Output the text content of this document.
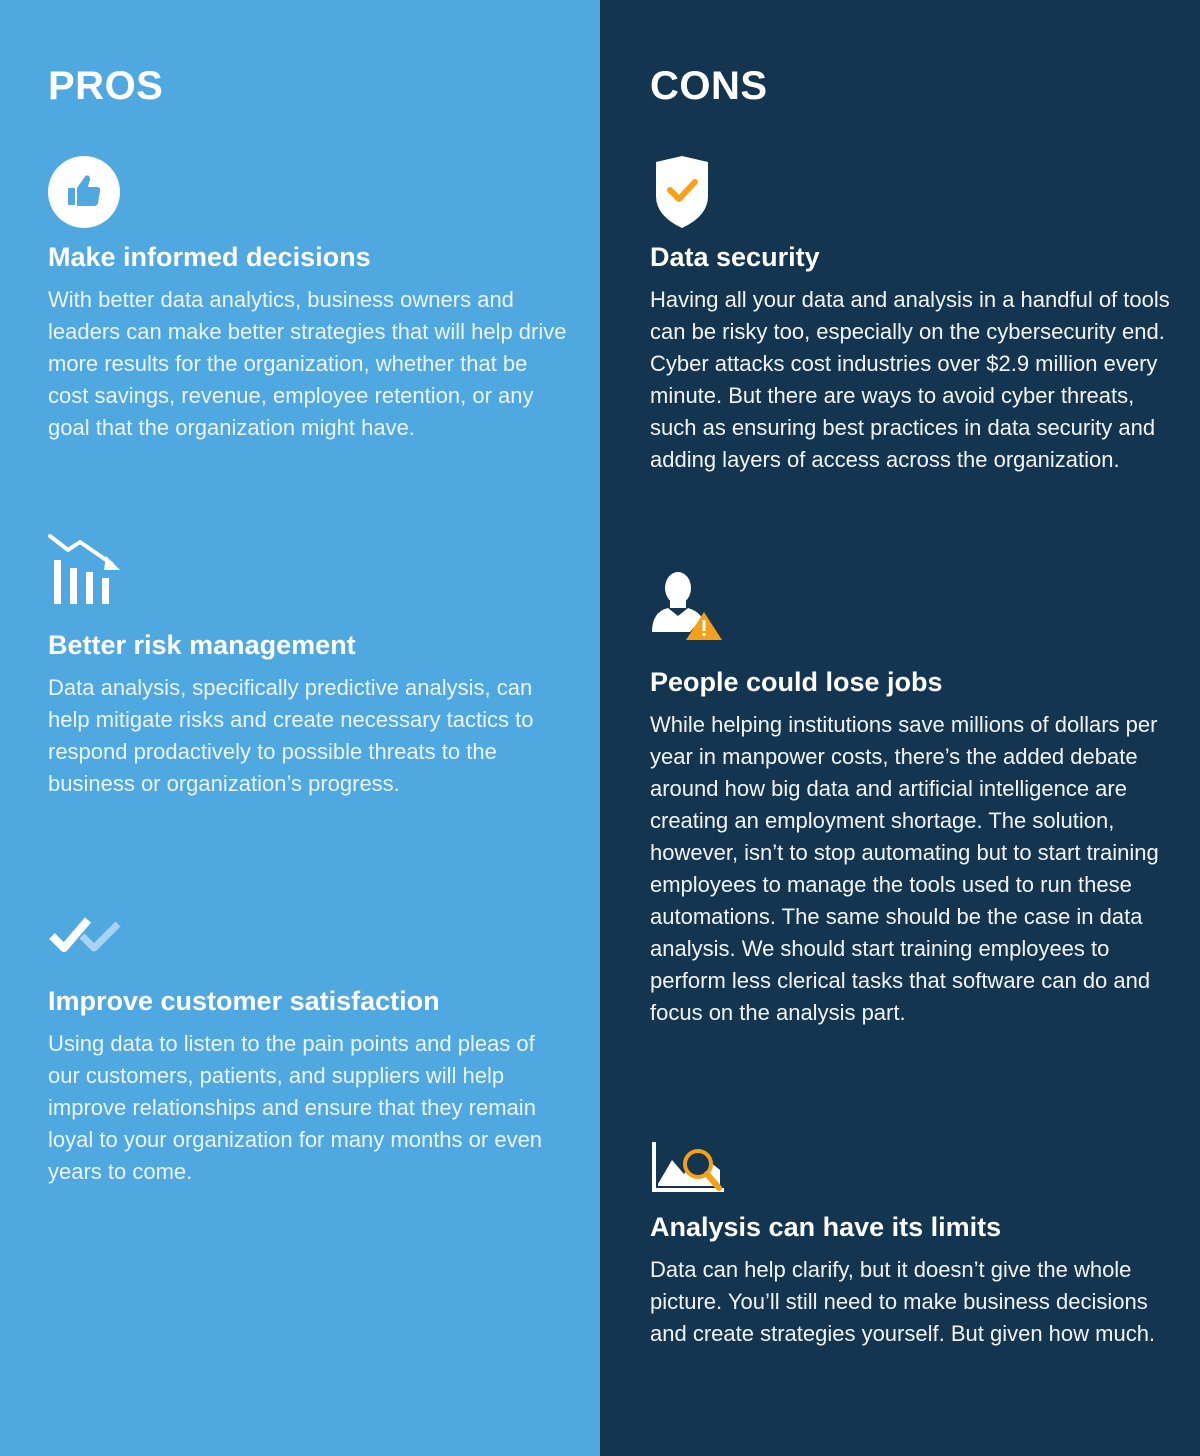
PROS
Make informed decisions

With better data analytics, business owners and leaders can make better strategies that will help drive more results for the organization, whether that be cost savings, revenue, employee retention, or any goal that the organization might have.

Better risk management

Data analysis, specifically predictive analysis, can help mitigate risks and create necessary tactics to respond prodactively to possible threats to the business or organization’s progress.

Improve customer satisfaction

Using data to listen to the pain points and pleas of our customers, patients, and suppliers will help improve relationships and ensure that they remain loyal to your organization for many months or even years to come.

CONS
Data security

Having all your data and analysis in a handful of tools can be risky too, especially on the cybersecurity end. Cyber attacks cost industries over $2.9 million every minute. But there are ways to avoid cyber threats, such as ensuring best practices in data security and adding layers of access across the organization.

People could lose jobs

While helping institutions save millions of dollars per year in manpower costs, there’s the added debate around how big data and artificial intelligence are creating an employment shortage. The solution, however, isn’t to stop automating but to start training employees to manage the tools used to run these automations. The same should be the case in data analysis. We should start training employees to perform less clerical tasks that software can do and focus on the analysis part.

Analysis can have its limits

Data can help clarify, but it doesn’t give the whole picture. You’ll still need to make business decisions and create strategies yourself. But given how much.
